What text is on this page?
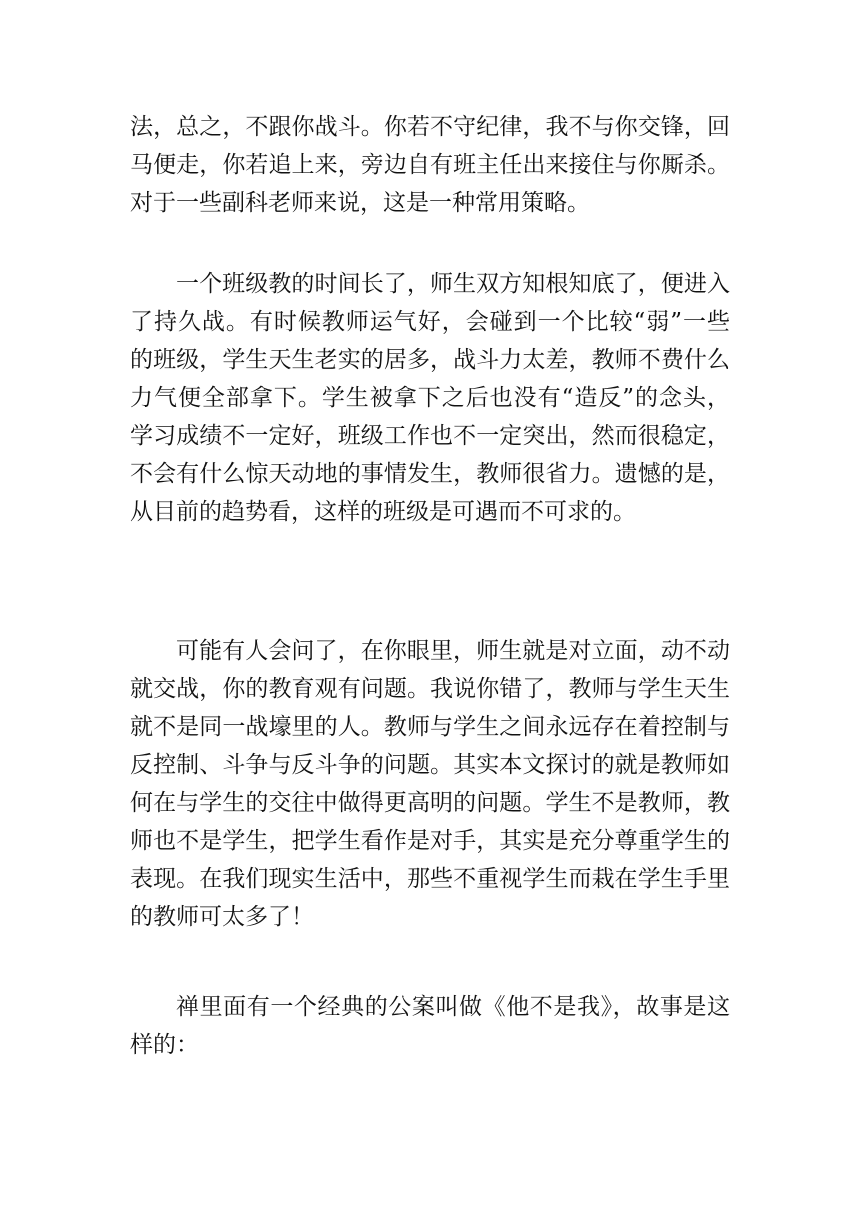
法，总之，不跟你战斗。你若不守纪律，我不与你交锋，回
马便走，你若追上来，旁边自有班主任出来接住与你厮杀。
对于一些副科老师来说，这是一种常用策略。
一个班级教的时间长了，师生双方知根知底了，便进入
了持久战。有时候教师运气好，会碰到一个比较“弱”一些
的班级，学生天生老实的居多，战斗力太差，教师不费什么
力气便全部拿下。学生被拿下之后也没有“造反”的念头，
学习成绩不一定好，班级工作也不一定突出，然而很稳定，
不会有什么惊天动地的事情发生，教师很省力。遗憾的是，
从目前的趋势看，这样的班级是可遇而不可求的。
可能有人会问了，在你眼里，师生就是对立面，动不动
就交战，你的教育观有问题。我说你错了，教师与学生天生
就不是同一战壕里的人。教师与学生之间永远存在着控制与
反控制、斗争与反斗争的问题。其实本文探讨的就是教师如
何在与学生的交往中做得更高明的问题。学生不是教师，教
师也不是学生，把学生看作是对手，其实是充分尊重学生的
表现。在我们现实生活中，那些不重视学生而栽在学生手里
的教师可太多了！
禅里面有一个经典的公案叫做《他不是我》，故事是这
样的：
